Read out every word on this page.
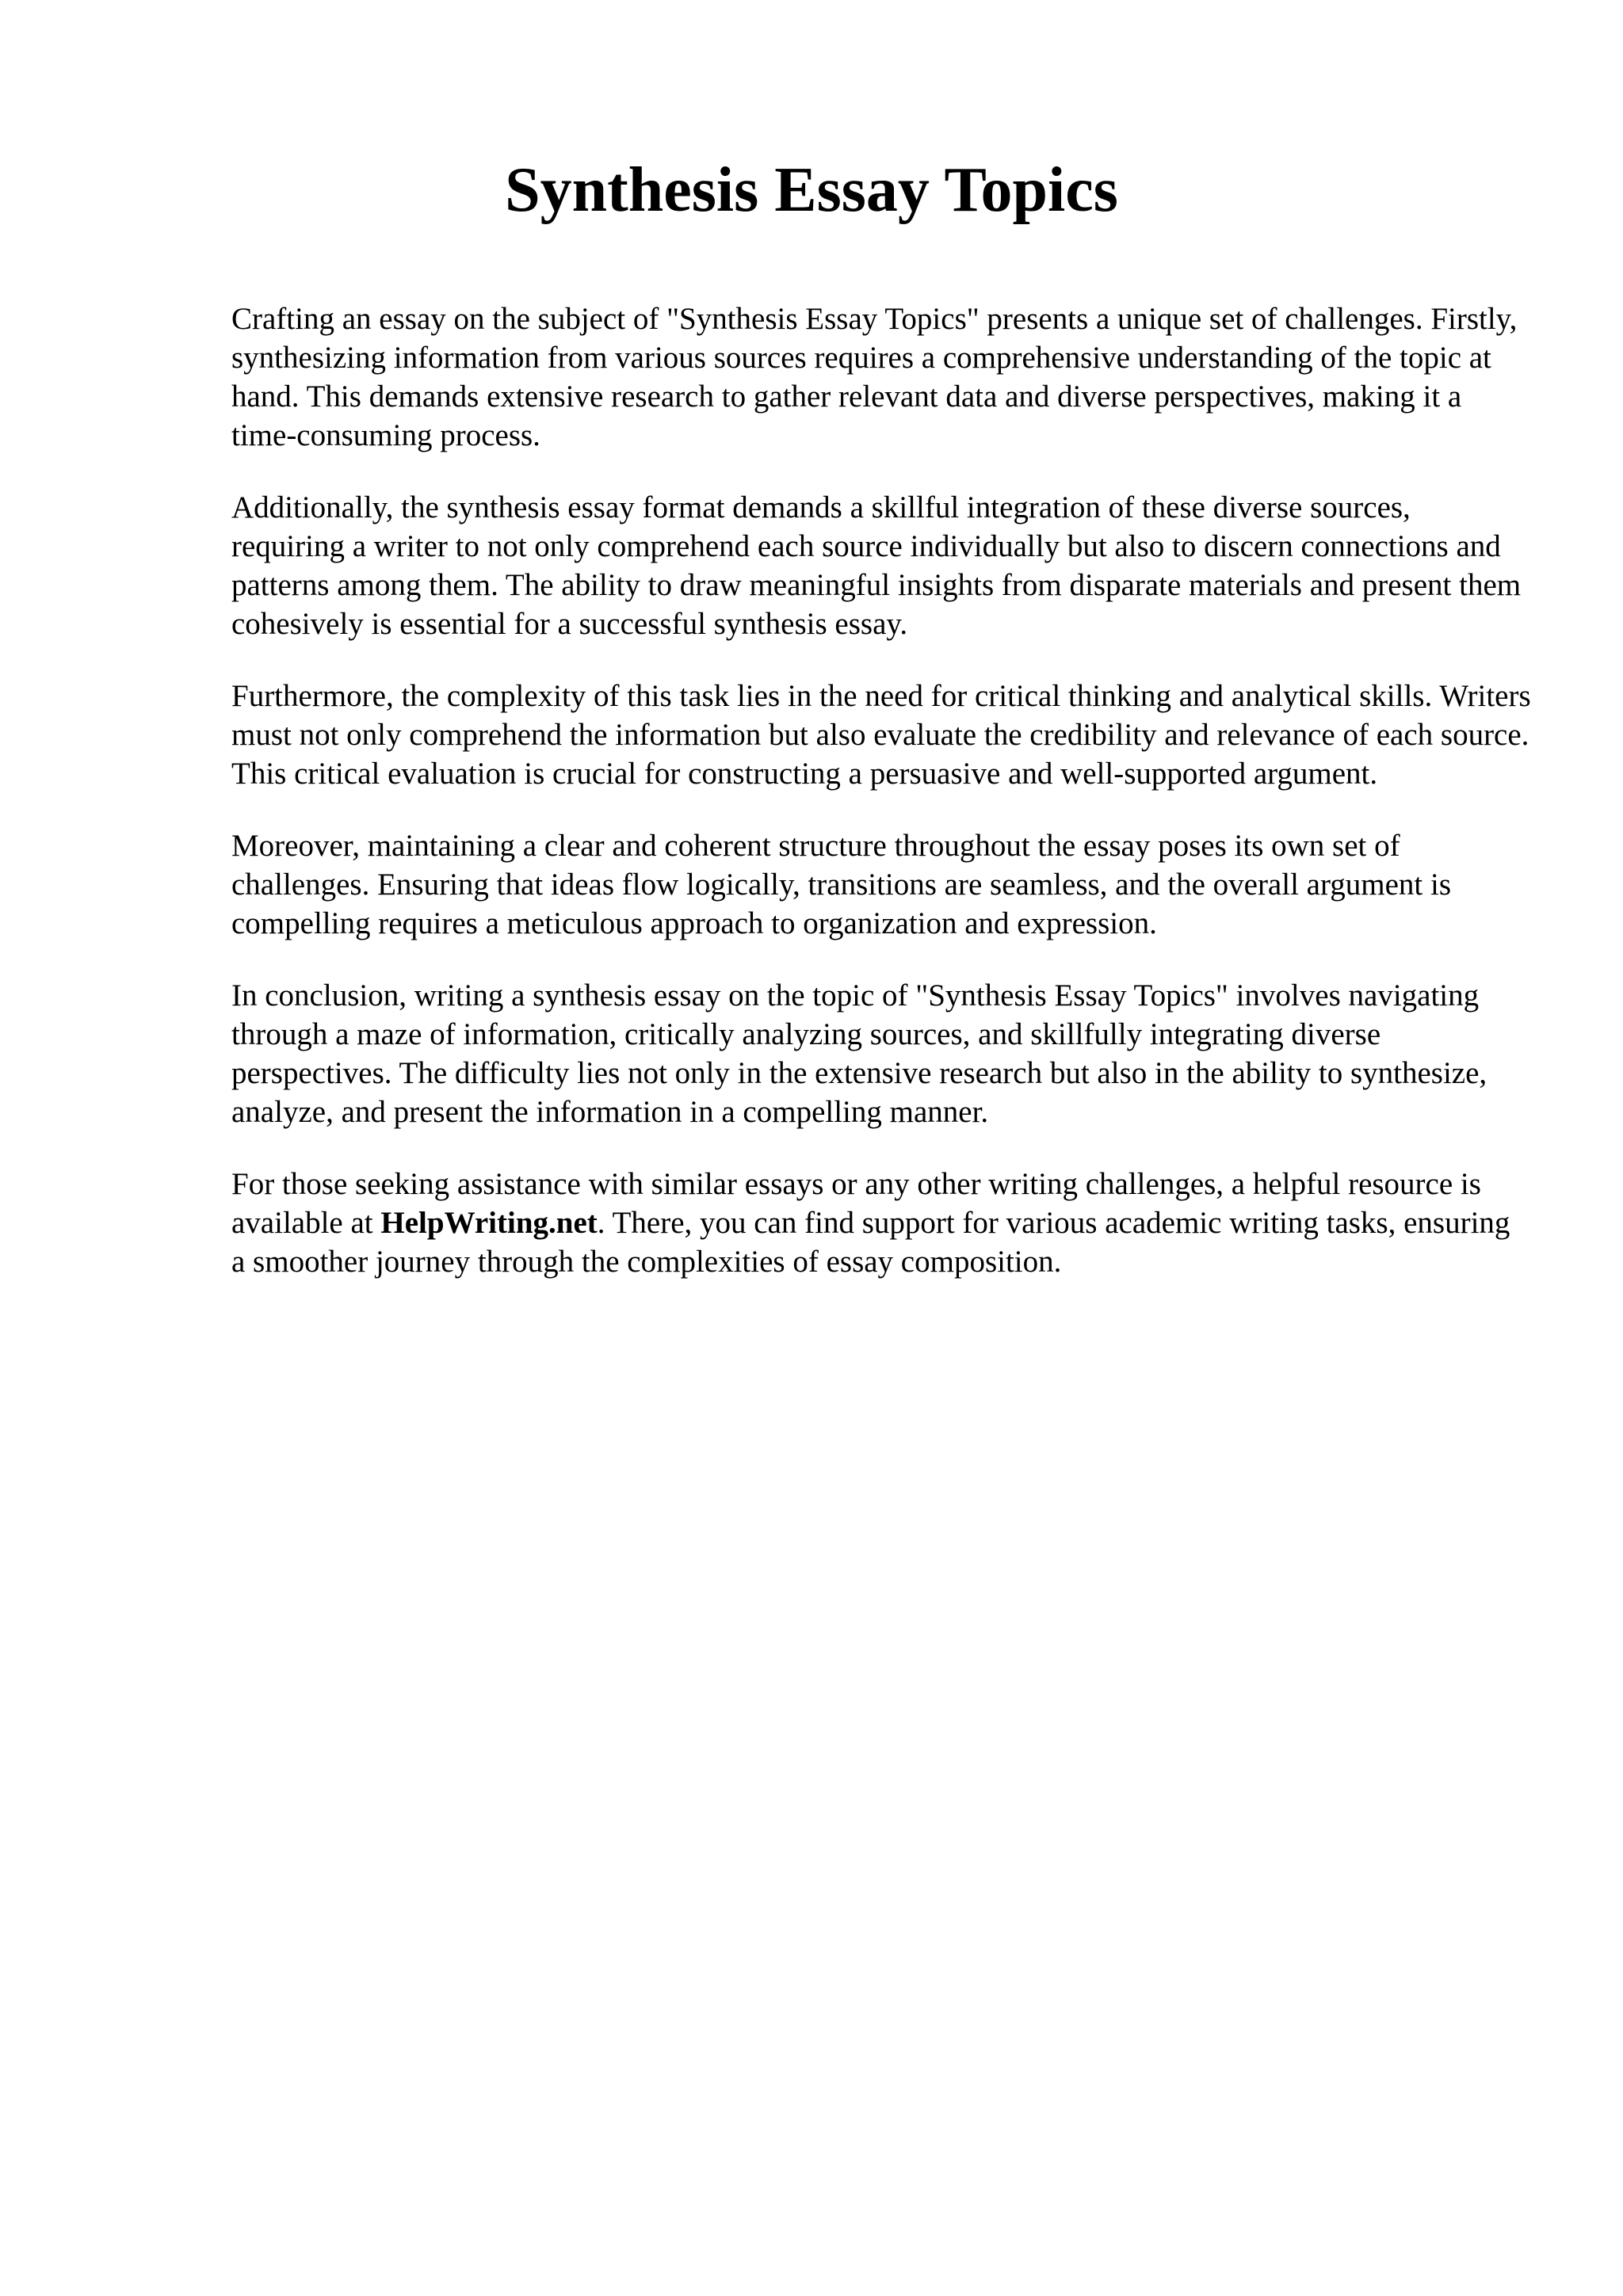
Synthesis Essay Topics

Crafting an essay on the subject of "Synthesis Essay Topics" presents a unique set of challenges. Firstly, synthesizing information from various sources requires a comprehensive understanding of the topic at hand. This demands extensive research to gather relevant data and diverse perspectives, making it a time-consuming process.

Additionally, the synthesis essay format demands a skillful integration of these diverse sources, requiring a writer to not only comprehend each source individually but also to discern connections and patterns among them. The ability to draw meaningful insights from disparate materials and present them cohesively is essential for a successful synthesis essay.

Furthermore, the complexity of this task lies in the need for critical thinking and analytical skills. Writers must not only comprehend the information but also evaluate the credibility and relevance of each source. This critical evaluation is crucial for constructing a persuasive and well-supported argument.

Moreover, maintaining a clear and coherent structure throughout the essay poses its own set of challenges. Ensuring that ideas flow logically, transitions are seamless, and the overall argument is compelling requires a meticulous approach to organization and expression.

In conclusion, writing a synthesis essay on the topic of "Synthesis Essay Topics" involves navigating through a maze of information, critically analyzing sources, and skillfully integrating diverse perspectives. The difficulty lies not only in the extensive research but also in the ability to synthesize, analyze, and present the information in a compelling manner.

For those seeking assistance with similar essays or any other writing challenges, a helpful resource is available at HelpWriting.net. There, you can find support for various academic writing tasks, ensuring a smoother journey through the complexities of essay composition.
